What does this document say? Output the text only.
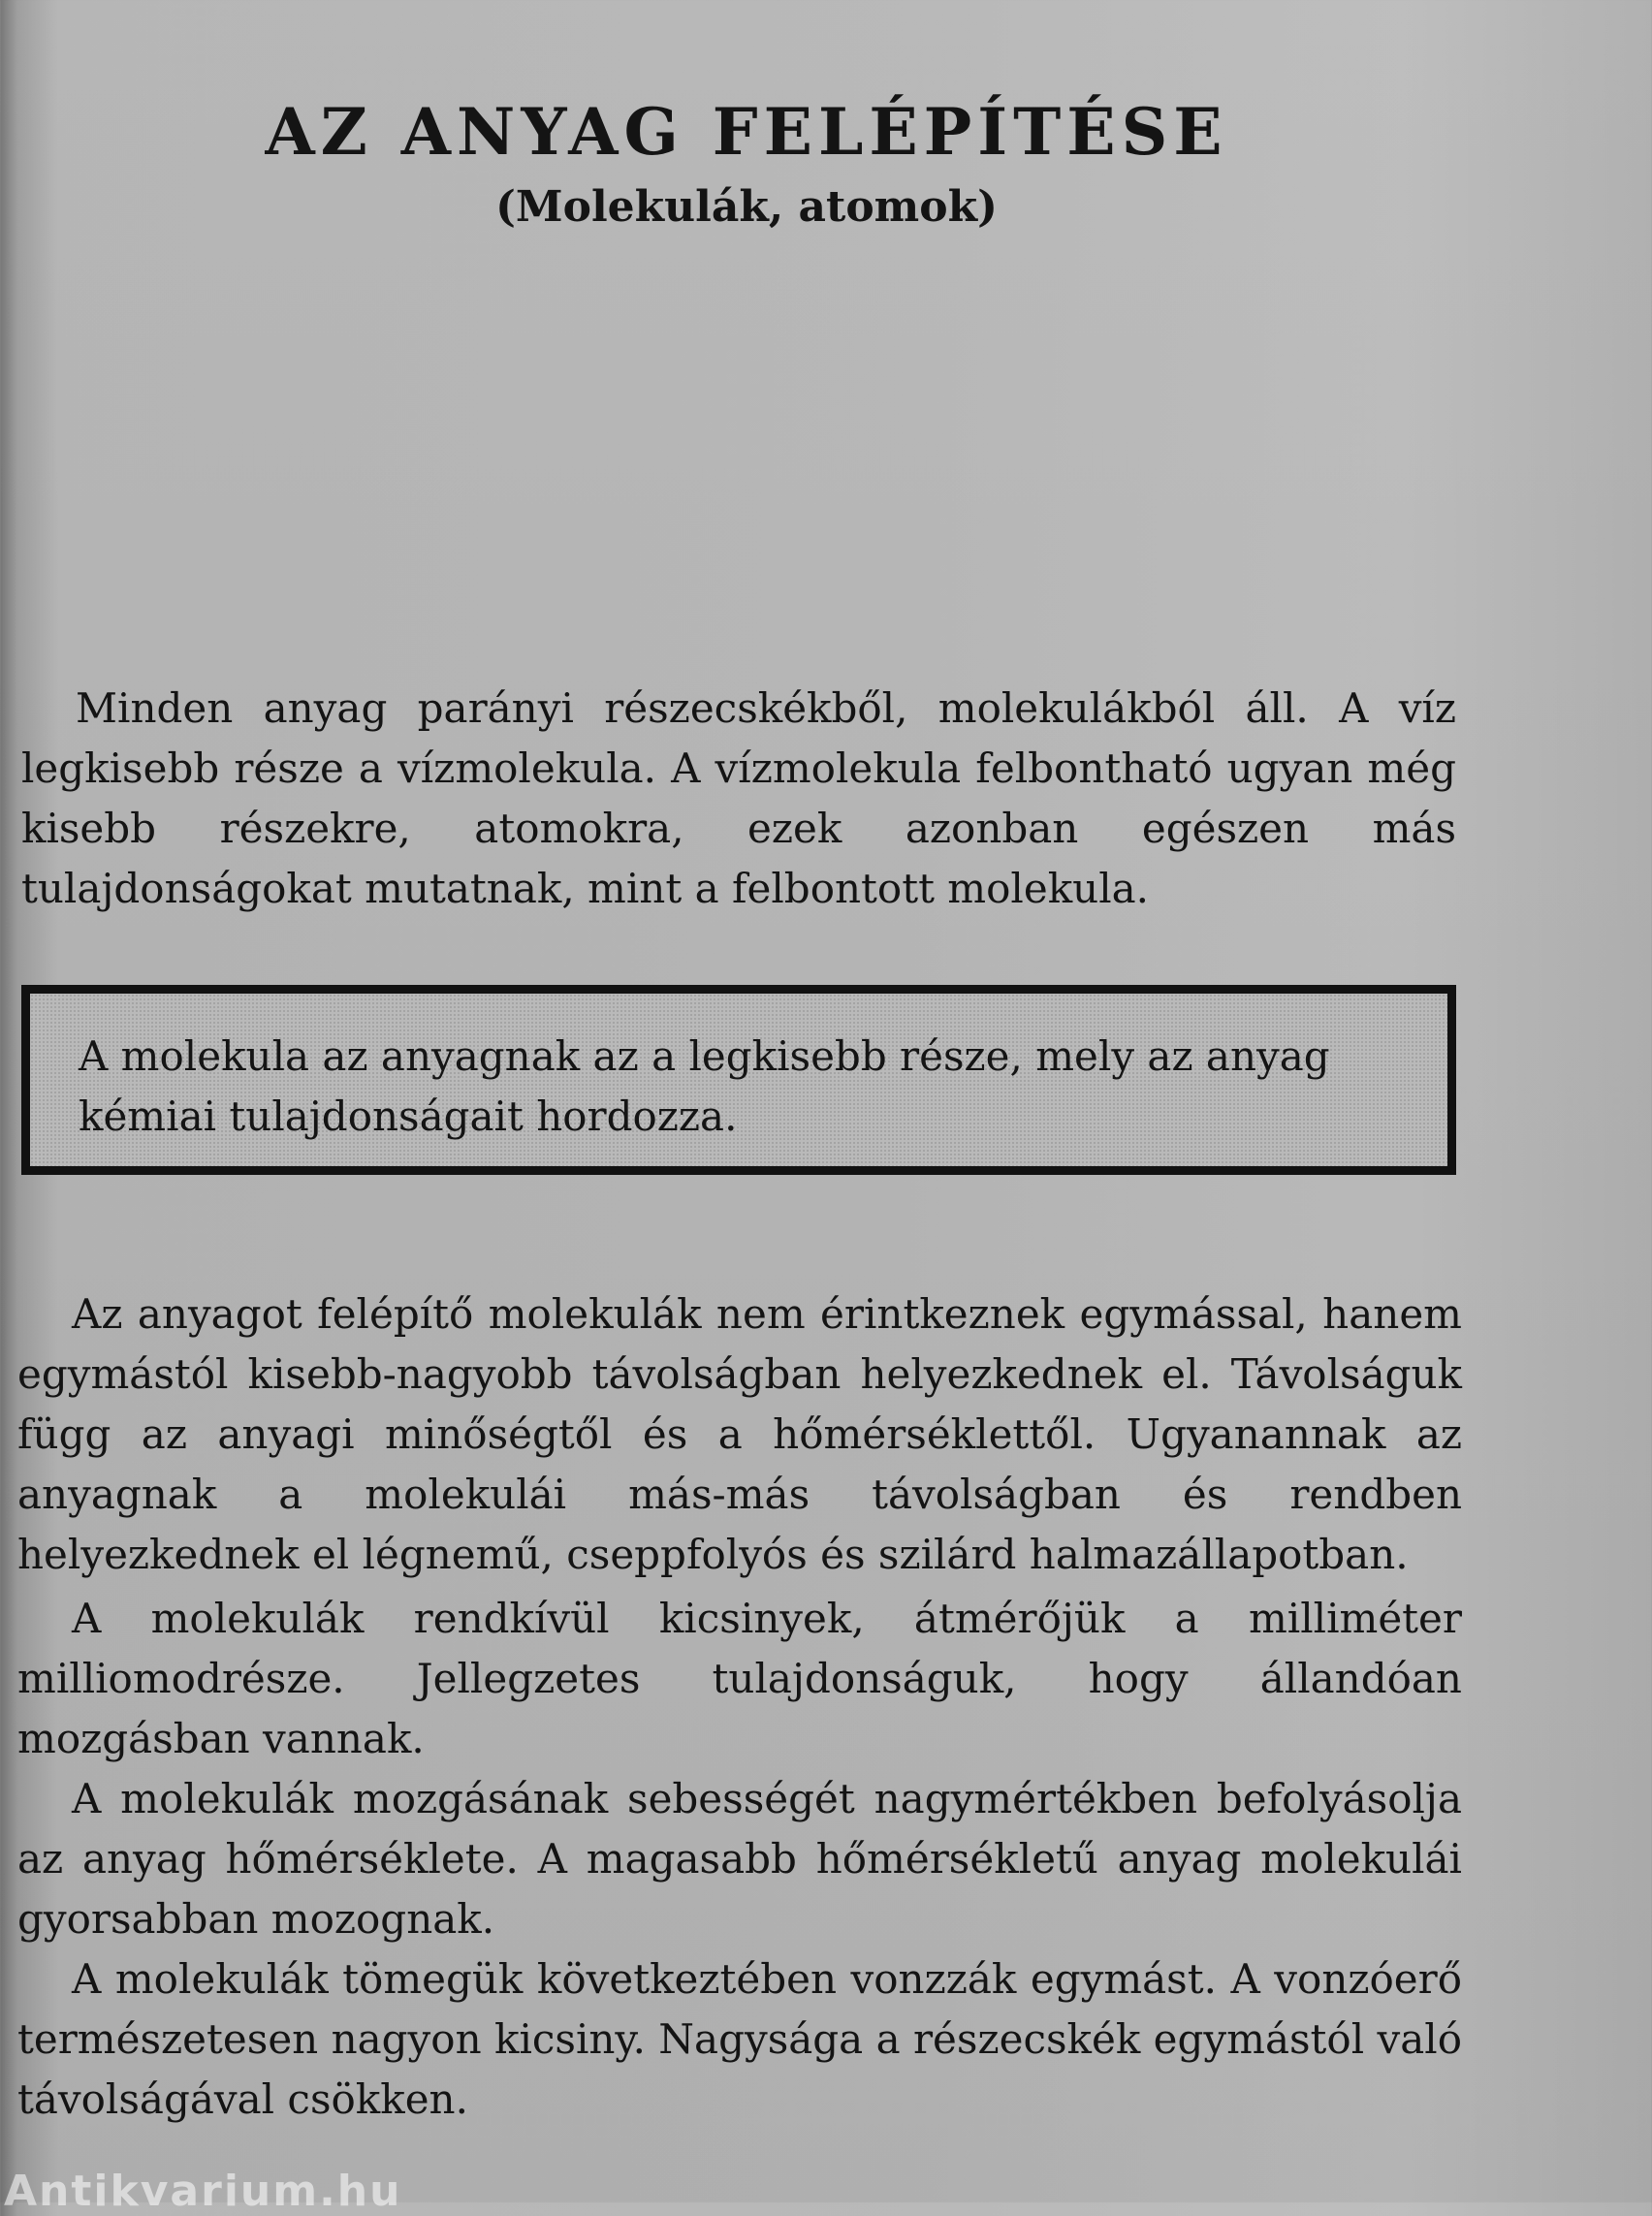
AZ ANYAG FELÉPÍTÉSE
(Molekulák, atomok)

Minden anyag parányi részecskékből, molekulákból áll. A víz legkisebb része a vízmolekula. A vízmolekula felbontható ugyan még kisebb részekre, atomokra, ezek azonban egészen más tulajdonságokat mutatnak, mint a felbontott molekula.

A molekula az anyagnak az a legkisebb része, mely az anyag kémiai tulajdonságait hordozza.

Az anyagot felépítő molekulák nem érintkeznek egymással, hanem egymástól kisebb-nagyobb távolságban helyezkednek el. Távolságuk függ az anyagi minőségtől és a hőmérséklettől. Ugyanannak az anyagnak a molekulái más-más távolságban és rendben helyezkednek el légnemű, cseppfolyós és szilárd halmazállapotban.

A molekulák rendkívül kicsinyek, átmérőjük a milliméter milliomodrésze. Jellegzetes tulajdonságuk, hogy állandóan mozgásban vannak.

A molekulák mozgásának sebességét nagymértékben befolyásolja az anyag hőmérséklete. A magasabb hőmérsékletű anyag molekulái gyorsabban mozognak.

A molekulák tömegük következtében vonzzák egymást. A vonzóerő természetesen nagyon kicsiny. Nagysága a részecskék egymástól való távolságával csökken.

Antikvarium.hu
